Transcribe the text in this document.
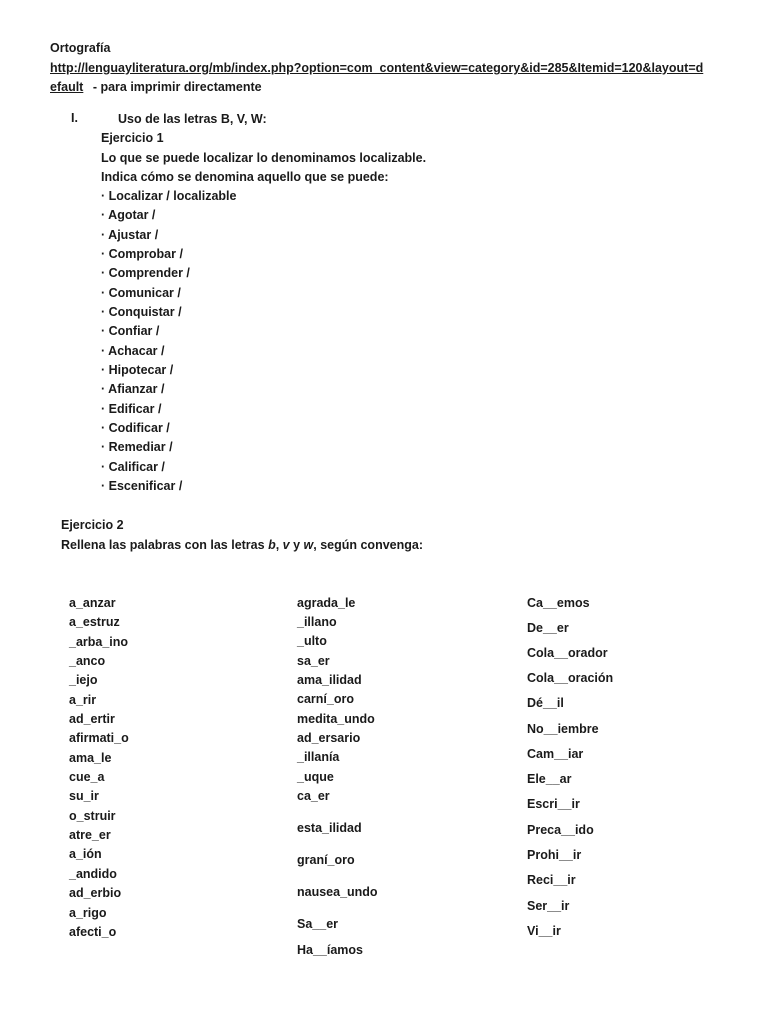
Ortografía
http://lenguayliteratura.org/mb/index.php?option=com_content&view=category&id=285&Itemid=120&layout=d
efault - para imprimir directamente
I.	Uso de las letras B, V, W:
Ejercicio 1
Lo que se puede localizar lo denominamos localizable.
Indica cómo se denomina aquello que se puede:
· Localizar / localizable
· Agotar /
· Ajustar /
· Comprobar /
· Comprender /
· Comunicar /
· Conquistar /
· Confiar /
· Achacar /
· Hipotecar /
· Afianzar /
· Edificar /
· Codificar /
· Remediar /
· Calificar /
· Escenificar /
Ejercicio 2
Rellena las palabras con las letras b, v y w, según convenga:
a_anzar
a_estruz
_arba_ino
_anco
_iejo
a_rir
ad_ertir
afirmati_o
ama_le
cue_a
su_ir
o_struir
atre_er
a_ión
_andido
ad_erbio
a_rigo
afecti_o
agrada_le
_illano
_ulto
sa_er
ama_ilidad
carní_oro
medita_undo
ad_ersario
_illanía
_uque
ca_er
esta_ilidad
graní_oro
nausea_undo
Sa__er
Ha__íamos
Ca__emos
De__er
Cola__orador
Cola__oración
Dé__il
No__iembre
Cam__iar
Ele__ar
Escri__ir
Preca__ido
Prohi__ir
Reci__ir
Ser__ir
Vi__ir
